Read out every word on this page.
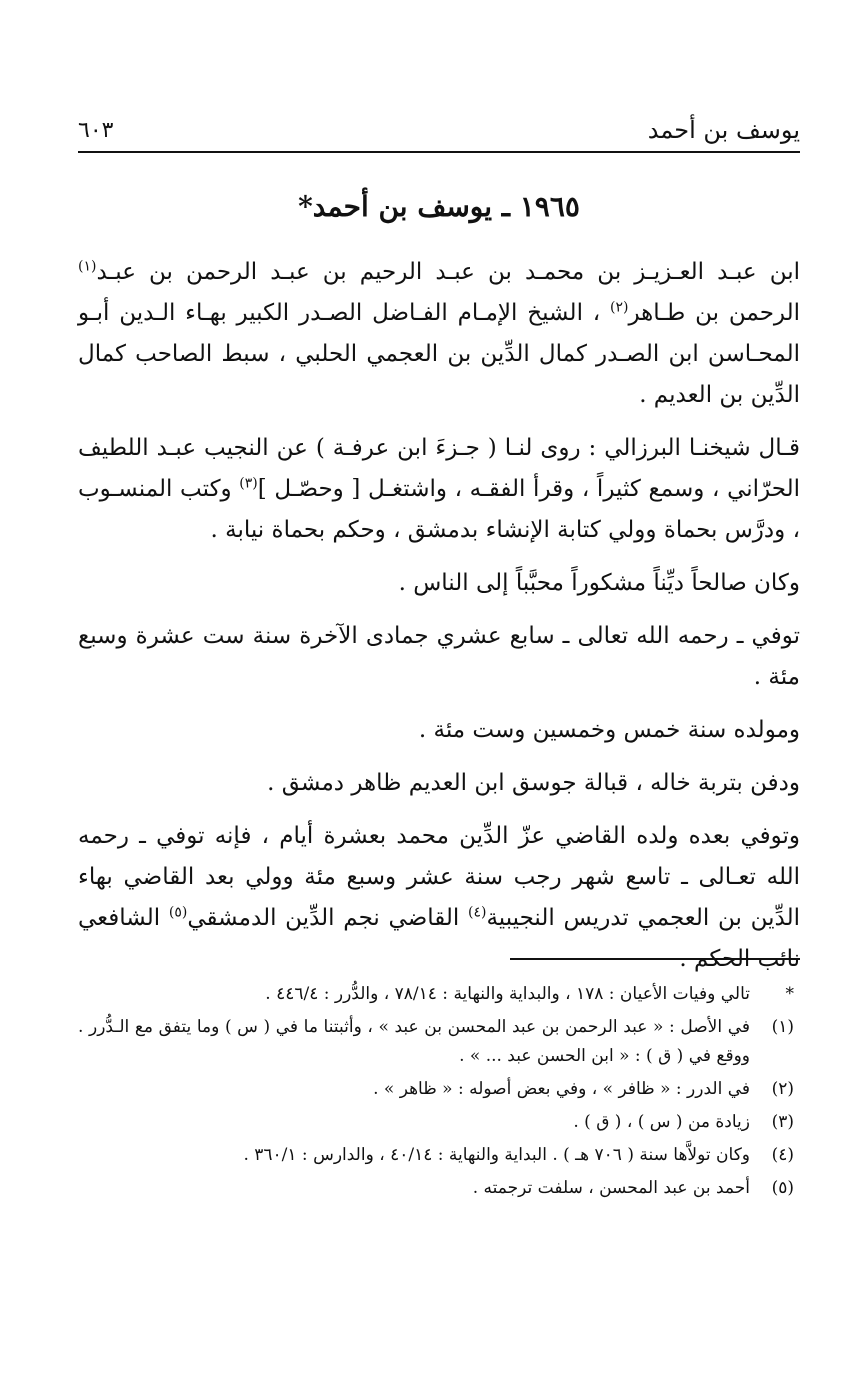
يوسف بن أحمد
٦٠٣
١٩٦٥ ـ يوسف بن أحمد*

ابن عبـد العـزيـز بن محمـد بن عبـد الرحيم بن عبـد الرحمن بن عبـد$^{(١)}$ الرحمن بن طـاهر$^{(٢)}$ ، الشيخ الإمـام الفـاضل الصـدر الكبير بهـاء الـدين أبـو المحـاسن ابن الصـدر كمال الدِّين بن العجمي الحلبي ، سبط الصاحب كمال الدِّين بن العديم .

قـال شيخنـا البرزالي : روى لنـا ( جـزءَ ابن عرفـة ) عن النجيب عبـد اللطيف الحرّاني ، وسمع كثيراً ، وقرأ الفقـه ، واشتغـل [ وحصّـل ]$^{(٣)}$ وكتب المنسـوب ، ودرَّس بحماة وولي كتابة الإنشاء بدمشق ، وحكم بحماة نيابة .

وكان صالحاً ديِّناً مشكوراً محبَّباً إلى الناس .

توفي ـ رحمه الله تعالى ـ سابع عشري جمادى الآخرة سنة ست عشرة وسبع مئة .

ومولده سنة خمس وخمسين وست مئة .

ودفن بتربة خاله ، قبالة جوسق ابن العديم ظاهر دمشق .

وتوفي بعده ولده القاضي عزّ الدِّين محمد بعشرة أيام ، فإنه توفي ـ رحمه الله تعـالى ـ تاسع شهر رجب سنة عشر وسبع مئة وولي بعد القاضي بهاء الدِّين بن العجمي تدريس النجيبية$^{(٤)}$ القاضي نجم الدِّين الدمشقي$^{(٥)}$ الشافعي نائب الحكم .

*
تالي وفيات الأعيان : ١٧٨ ، والبداية والنهاية : ٧٨/١٤ ، والدُّرر : ٤٤٦/٤ .
(١)
في الأصل : « عبد الرحمن بن عبد المحسن بن عبد » ، وأثبتنا ما في ( س ) وما يتفق مع الـدُّرر . ووقع في ( ق ) : « ابن الحسن عبد ... » .
(٢)
في الدرر : « ظافر » ، وفي بعض أصوله : « ظاهر » .
(٣)
زيادة من ( س ) ، ( ق ) .
(٤)
وكان تولاَّها سنة ( ٧٠٦ هـ ) . البداية والنهاية : ٤٠/١٤ ، والدارس : ٣٦٠/١ .
(٥)
أحمد بن عبد المحسن ، سلفت ترجمته .
